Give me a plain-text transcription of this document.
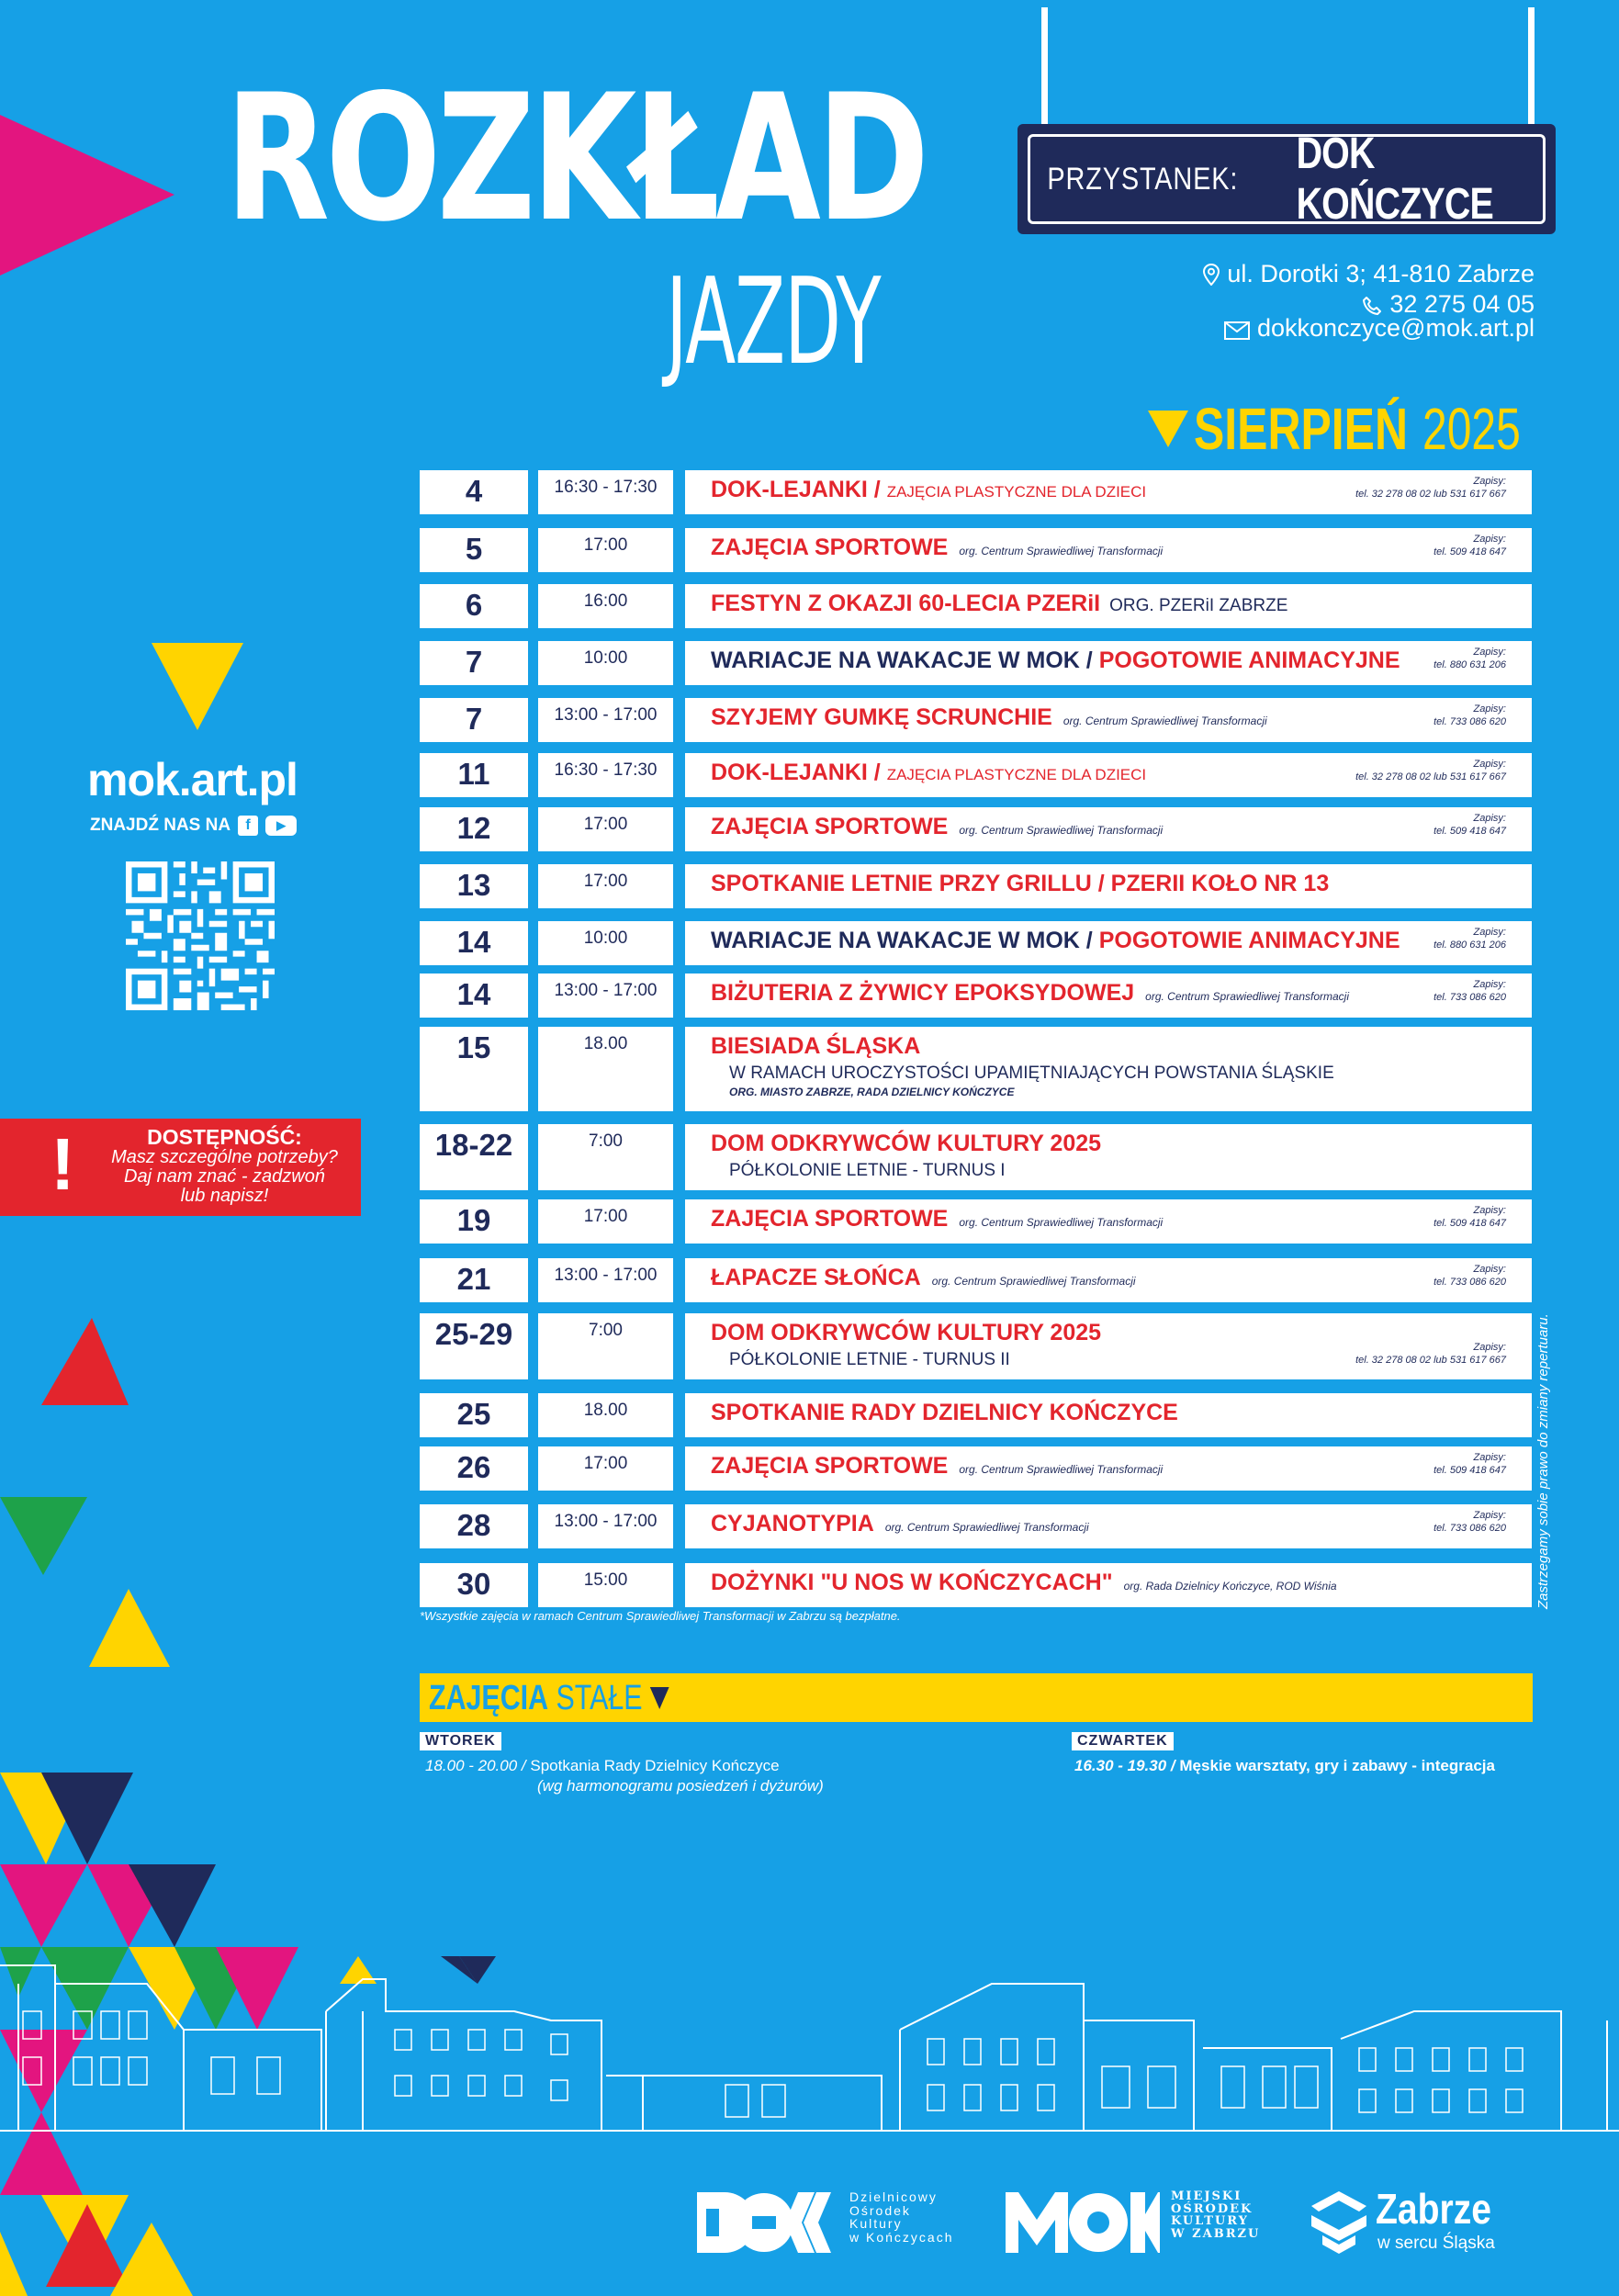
ROZKŁAD
JAZDY
PRZYSTANEK:
DOK KOŃCZYCE
ul. Dorotki 3; 41-810 Zabrze
32 275 04 05
dokkonczyce@mok.art.pl
SIERPIEŃ 2025
4	16:30 - 17:30	DOK-LEJANKI / ZAJĘCIA PLASTYCZNE DLA DZIECI
Zapisy:
tel. 32 278 08 02 lub 531 617 667
5	17:00	ZAJĘCIA SPORTOWE org. Centrum Sprawiedliwej Transformacji
Zapisy:
tel. 509 418 647
6	16:00	FESTYN Z OKAZJI 60-LECIA PZERiI ORG. PZERiI ZABRZE
7	10:00	WARIACJE NA WAKACJE W MOK / POGOTOWIE ANIMACYJNE	Zapisy:
tel. 880 631 206
7	13:00 - 17:00	SZYJEMY GUMKĘ SCRUNCHIE org. Centrum Sprawiedliwej Transformacji
Zapisy:
tel. 733 086 620
11	16:30 - 17:30	DOK-LEJANKI / ZAJĘCIA PLASTYCZNE DLA DZIECI
Zapisy:
tel. 32 278 08 02 lub 531 617 667
12	17:00	ZAJĘCIA SPORTOWE org. Centrum Sprawiedliwej Transformacji
Zapisy:
tel. 509 418 647
13	17:00	SPOTKANIE LETNIE PRZY GRILLU / PZERII KOŁO NR 13
14	10:00	WARIACJE NA WAKACJE W MOK / POGOTOWIE ANIMACYJNE	Zapisy:
tel. 880 631 206
14	13:00 - 17:00	BIŻUTERIA Z ŻYWICY EPOKSYDOWEJ org. Centrum Sprawiedliwej Transformacji
Zapisy:
tel. 733 086 620
15	18.00	BIESIADA ŚLĄSKA
W RAMACH UROCZYSTOŚCI UPAMIĘTNIAJĄCYCH POWSTANIA ŚLĄSKIE
ORG. MIASTO ZABRZE, RADA DZIELNICY KOŃCZYCE
18-22	7:00	DOM ODKRYWCÓW KULTURY 2025
PÓŁKOLONIE LETNIE - TURNUS I
19	17:00	ZAJĘCIA SPORTOWE org. Centrum Sprawiedliwej Transformacji
Zapisy:
tel. 509 418 647
21	13:00 - 17:00	ŁAPACZE SŁOŃCA org. Centrum Sprawiedliwej Transformacji
Zapisy:
tel. 733 086 620
25-29	7:00	DOM ODKRYWCÓW KULTURY 2025
PÓŁKOLONIE LETNIE - TURNUS II
Zapisy:
tel. 32 278 08 02 lub 531 617 667
25	18.00	SPOTKANIE RADY DZIELNICY KOŃCZYCE
26	17:00	ZAJĘCIA SPORTOWE org. Centrum Sprawiedliwej Transformacji
Zapisy:
tel. 509 418 647
28	13:00 - 17:00	CYJANOTYPIA org. Centrum Sprawiedliwej Transformacji
Zapisy:
tel. 733 086 620
30	15:00	DOŻYNKI "U NOS W KOŃCZYCACH" org. Rada Dzielnicy Kończyce, ROD Wiśnia
*Wszystkie zajęcia w ramach Centrum Sprawiedliwej Transformacji w Zabrzu są bezpłatne.
Zastrzegamy sobie prawo do zmiany repertuaru.
mok.art.pl
ZNAJDŹ NAS NA	f	▶
!	DOSTĘPNOŚĆ:
Masz szczególne potrzeby?
Daj nam znać - zadzwoń
lub napisz!
ZAJĘCIA STAŁE
WTOREK
18.00 - 20.00 / Spotkania Rady Dzielnicy Kończyce
(wg harmonogramu posiedzeń i dyżurów)
CZWARTEK
16.30 - 19.30 / Męskie warsztaty, gry i zabawy - integracja
Dzielnicowy
Ośrodek
Kultury
w Kończycach
MIEJSKI
OŚRODEK
KULTURY
W ZABRZU
Zabrze
w sercu Śląska
